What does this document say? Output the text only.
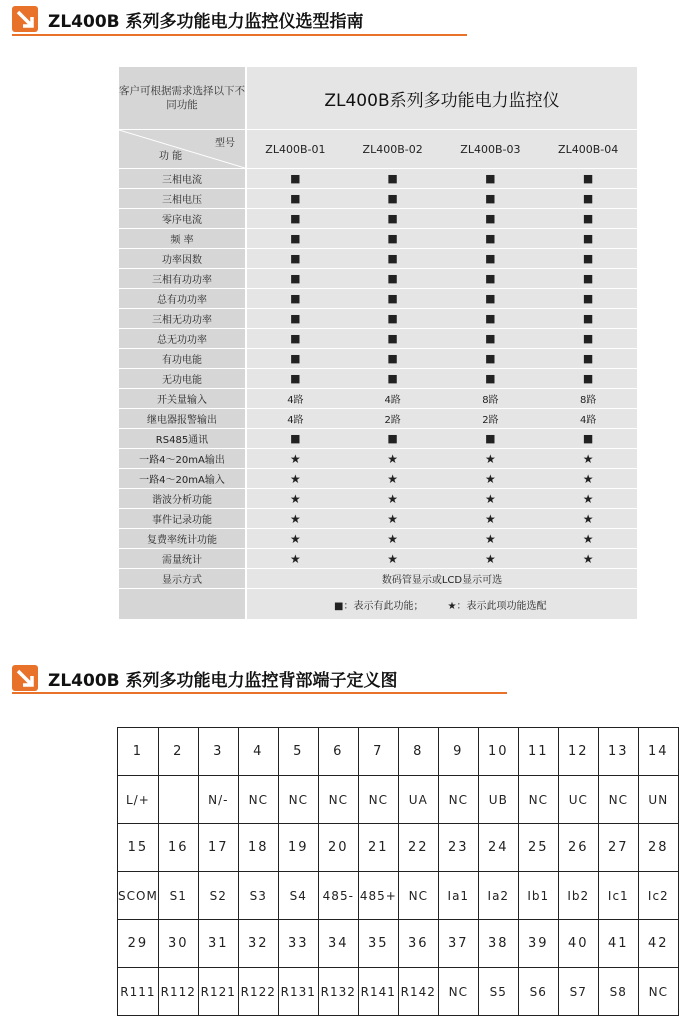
ZL400B 系列多功能电力监控仪选型指南
客户可根据需求选择以下不同功能	ZL400B系列多功能电力监控仪			

型号
功 能	ZL400B-01	ZL400B-02	ZL400B-03	ZL400B-04
三相电流	■	■	■	■
三相电压	■	■	■	■
零序电流	■	■	■	■
频 率	■	■	■	■
功率因数	■	■	■	■
三相有功功率	■	■	■	■
总有功功率	■	■	■	■
三相无功功率	■	■	■	■
总无功功率	■	■	■	■
有功电能	■	■	■	■
无功电能	■	■	■	■
开关量输入	4路	4路	8路	8路
继电器报警输出	4路	2路	2路	4路
RS485通讯	■	■	■	■
一路4～20mA输出	★	★	★	★
一路4～20mA输入	★	★	★	★
谐波分析功能	★	★	★	★
事件记录功能	★	★	★	★
复费率统计功能	★	★	★	★
需量统计	★	★	★	★
显示方式	数码管显示或LCD显示可选			
	■：表示有此功能；		★：表示此项功能选配	
ZL400B 系列多功能电力监控背部端子定义图
1	2	3	4	5	6	7	8	9	10	11	12	13	14
L/+		N/-	NC	NC	NC	NC	UA	NC	UB	NC	UC	NC	UN
15	16	17	18	19	20	21	22	23	24	25	26	27	28
SCOM	S1	S2	S3	S4	485-	485+	NC	Ia1	Ia2	Ib1	Ib2	Ic1	Ic2
29	30	31	32	33	34	35	36	37	38	39	40	41	42
R111	R112	R121	R122	R131	R132	R141	R142	NC	S5	S6	S7	S8	NC
